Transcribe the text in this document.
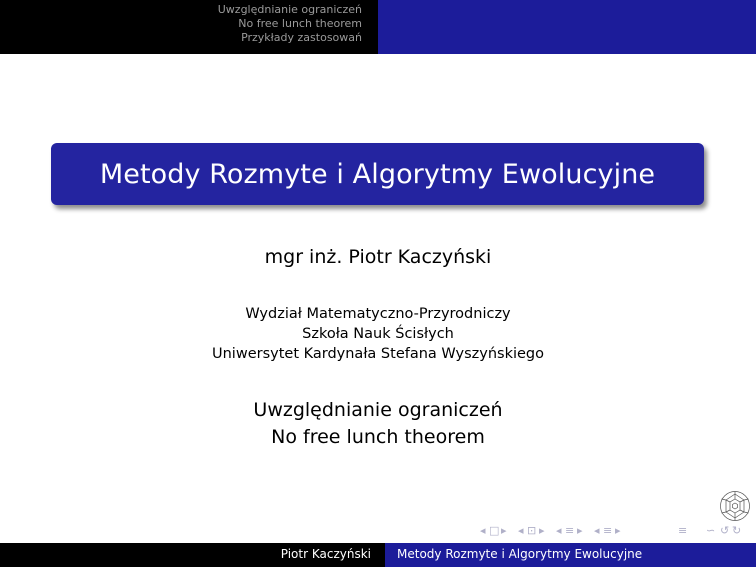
Uwzględnianie ograniczeń
No free lunch theorem
Przykłady zastosowań
Metody Rozmyte i Algorytmy Ewolucyjne
mgr inż. Piotr Kaczyński
Wydział Matematyczno-Przyrodniczy
Szkoła Nauk Ścisłych
Uniwersytet Kardynała Stefana Wyszyńskiego
Uwzględnianie ograniczeń
No free lunch theorem
◂ □ ▸ ◂ ⊡ ▸ ◂ ≡ ▸ ◂ ≡ ▸	≡ ∽ ↺ ↻
Piotr Kaczyński Metody Rozmyte i Algorytmy Ewolucyjne
